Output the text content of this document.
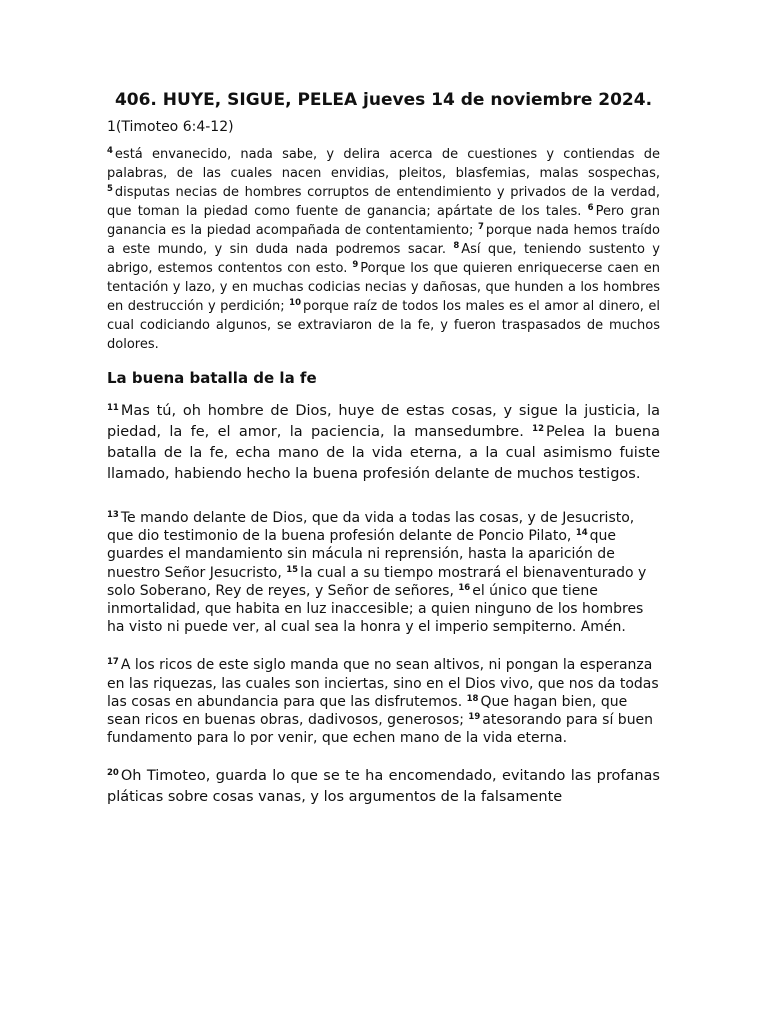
406. HUYE, SIGUE, PELEA jueves 14 de noviembre 2024.

1(Timoteo 6:4-12)

$^4$ está envanecido, nada sabe, y delira acerca de cuestiones y contiendas de palabras, de las cuales nacen envidias, pleitos, blasfemias, malas sospechas, $^5$ disputas necias de hombres corruptos de entendimiento y privados de la verdad, que toman la piedad como fuente de ganancia; apártate de los tales. $^6$ Pero gran ganancia es la piedad acompañada de contentamiento; $^7$ porque nada hemos traído a este mundo, y sin duda nada podremos sacar. $^8$ Así que, teniendo sustento y abrigo, estemos contentos con esto. $^9$ Porque los que quieren enriquecerse caen en tentación y lazo, y en muchas codicias necias y dañosas, que hunden a los hombres en destrucción y perdición; $^{10}$ porque raíz de todos los males es el amor al dinero, el cual codiciando algunos, se extraviaron de la fe, y fueron traspasados de muchos dolores.

La buena batalla de la fe

$^{11}$ Mas tú, oh hombre de Dios, huye de estas cosas, y sigue la justicia, la piedad, la fe, el amor, la paciencia, la mansedumbre. $^{12}$ Pelea la buena batalla de la fe, echa mano de la vida eterna, a la cual asimismo fuiste llamado, habiendo hecho la buena profesión delante de muchos testigos.

$^{13}$ Te mando delante de Dios, que da vida a todas las cosas, y de Jesucristo, que dio testimonio de la buena profesión delante de Poncio Pilato, $^{14}$ que guardes el mandamiento sin mácula ni reprensión, hasta la aparición de nuestro Señor Jesucristo, $^{15}$ la cual a su tiempo mostrará el bienaventurado y solo Soberano, Rey de reyes, y Señor de señores, $^{16}$ el único que tiene inmortalidad, que habita en luz inaccesible; a quien ninguno de los hombres ha visto ni puede ver, al cual sea la honra y el imperio sempiterno. Amén.

$^{17}$ A los ricos de este siglo manda que no sean altivos, ni pongan la esperanza en las riquezas, las cuales son inciertas, sino en el Dios vivo, que nos da todas las cosas en abundancia para que las disfrutemos. $^{18}$ Que hagan bien, que sean ricos en buenas obras, dadivosos, generosos; $^{19}$ atesorando para sí buen fundamento para lo por venir, que echen mano de la vida eterna.

$^{20}$ Oh Timoteo, guarda lo que se te ha encomendado, evitando las profanas pláticas sobre cosas vanas, y los argumentos de la falsamente
